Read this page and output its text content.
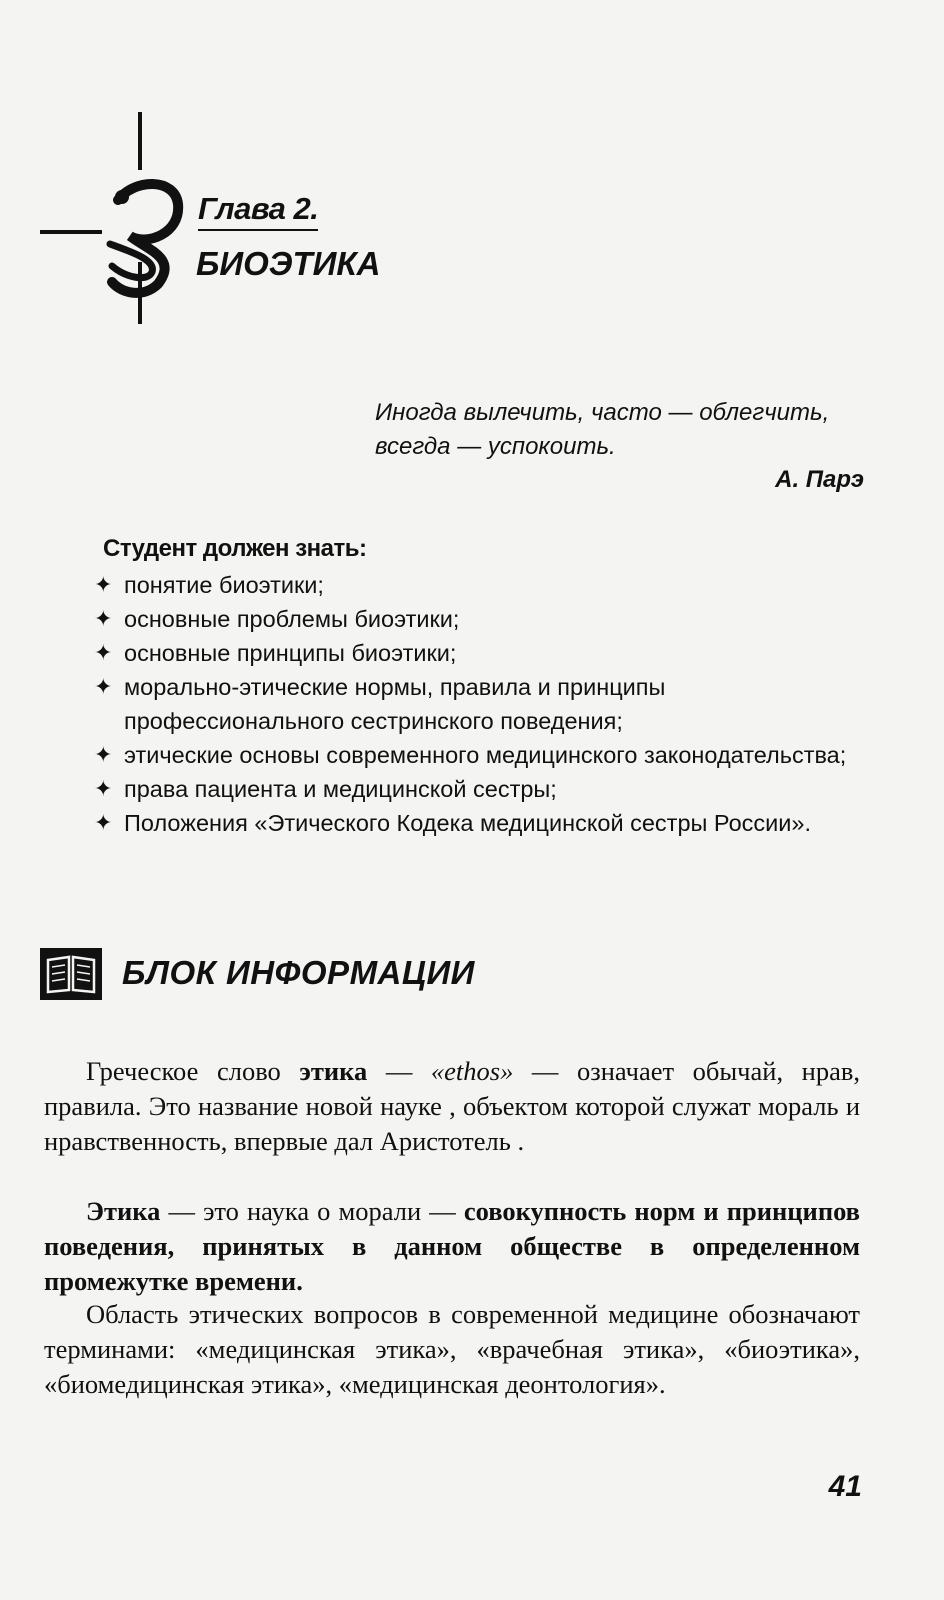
Глава 2.
БИОЭТИКА

Иногда вылечить, часто — облегчить, всегда — успокоить.

А. Парэ
Студент должен знать:
✦ понятие биоэтики;
✦ основные проблемы биоэтики;
✦ основные принципы биоэтики;
✦ морально-этические нормы, правила и принципы профессионального сестринского поведения;
✦ этические основы современного медицинского законодательства;
✦ права пациента и медицинской сестры;
✦ Положения «Этического Кодека медицинской сестры России».
БЛОК ИНФОРМАЦИИ

Греческое слово этика — «ethos» — означает обычай, нрав, правила. Это название новой науке , объектом которой служат мораль и нравственность, впервые дал Аристотель .

Этика — это наука о морали — совокупность норм и принципов поведения, принятых в данном обществе в определенном промежутке времени.

Область этических вопросов в современной медицине обозначают терминами: «медицинская этика», «врачебная этика», «биоэтика», «биомедицинская этика», «медицинская деонтология».

41
